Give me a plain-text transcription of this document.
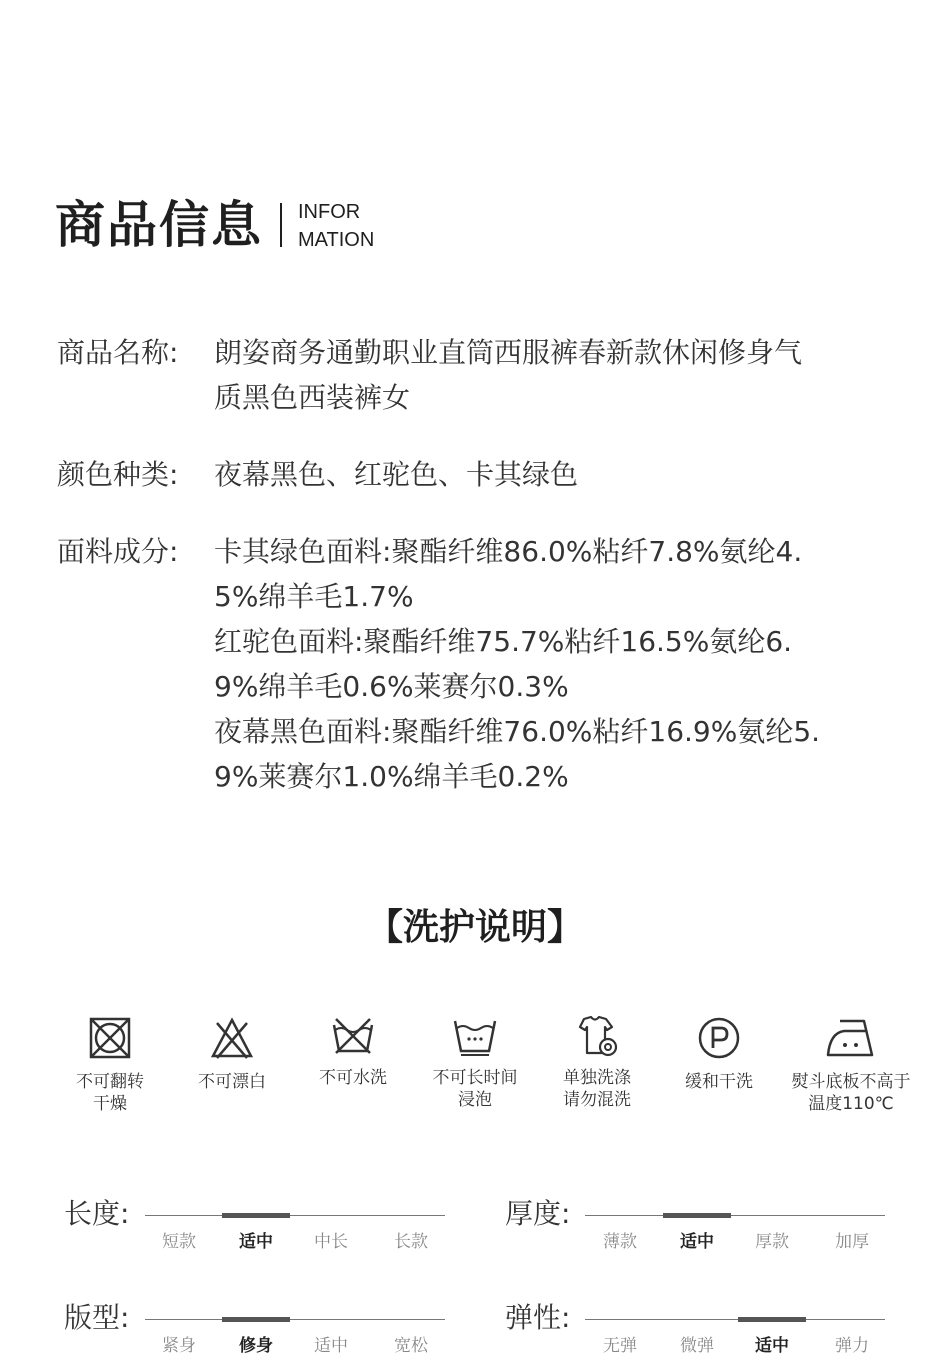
商品信息 INFOR
MATION
商品名称: 朗姿商务通勤职业直筒西服裤春新款休闲修身气
质黑色西装裤女
颜色种类: 夜幕黑色、红驼色、卡其绿色
面料成分: 卡其绿色面料:聚酯纤维86.0%粘纤7.8%氨纶4.
5%绵羊毛1.7%
红驼色面料:聚酯纤维75.7%粘纤16.5%氨纶6.
9%绵羊毛0.6%莱赛尔0.3%
夜幕黑色面料:聚酯纤维76.0%粘纤16.9%氨纶5.
9%莱赛尔1.0%绵羊毛0.2%
【洗护说明】
不可翻转
干燥
不可漂白	不可水洗	不可长时间
浸泡
单独洗涤
请勿混洗
缓和干洗	熨斗底板不高于
温度110℃
长度:
短款	适中	中长	长款
厚度:
薄款	适中	厚款	加厚
版型:
紧身	修身	适中	宽松
弹性:
无弹	微弹	适中	弹力
